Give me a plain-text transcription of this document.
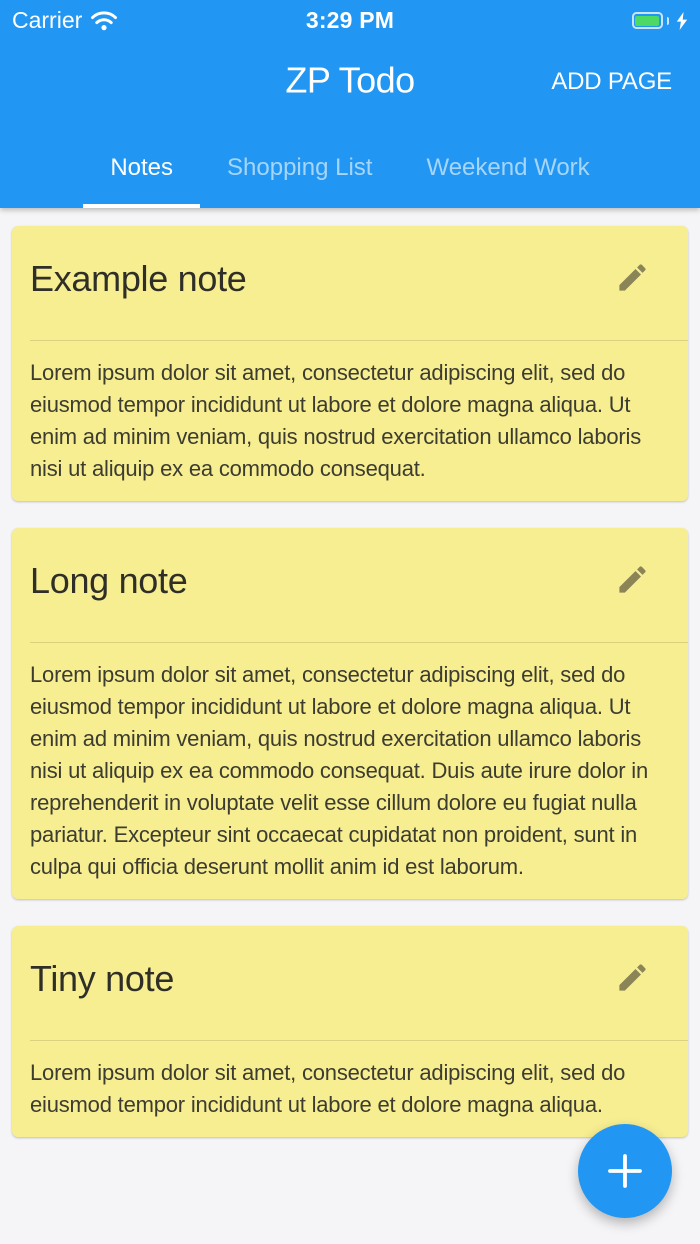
Carrier	3:29 PM
ZP Todo	ADD PAGE
Notes Shopping List Weekend Work
Example note
Lorem ipsum dolor sit amet, consectetur adipiscing elit, sed do eiusmod tempor incididunt ut labore et dolore magna aliqua. Ut enim ad minim veniam, quis nostrud exercitation ullamco laboris nisi ut aliquip ex ea commodo consequat.
Long note
Lorem ipsum dolor sit amet, consectetur adipiscing elit, sed do eiusmod tempor incididunt ut labore et dolore magna aliqua. Ut enim ad minim veniam, quis nostrud exercitation ullamco laboris nisi ut aliquip ex ea commodo consequat. Duis aute irure dolor in reprehenderit in voluptate velit esse cillum dolore eu fugiat nulla pariatur. Excepteur sint occaecat cupidatat non proident, sunt in culpa qui officia deserunt mollit anim id est laborum.
Tiny note
Lorem ipsum dolor sit amet, consectetur adipiscing elit, sed do eiusmod tempor incididunt ut labore et dolore magna aliqua.
